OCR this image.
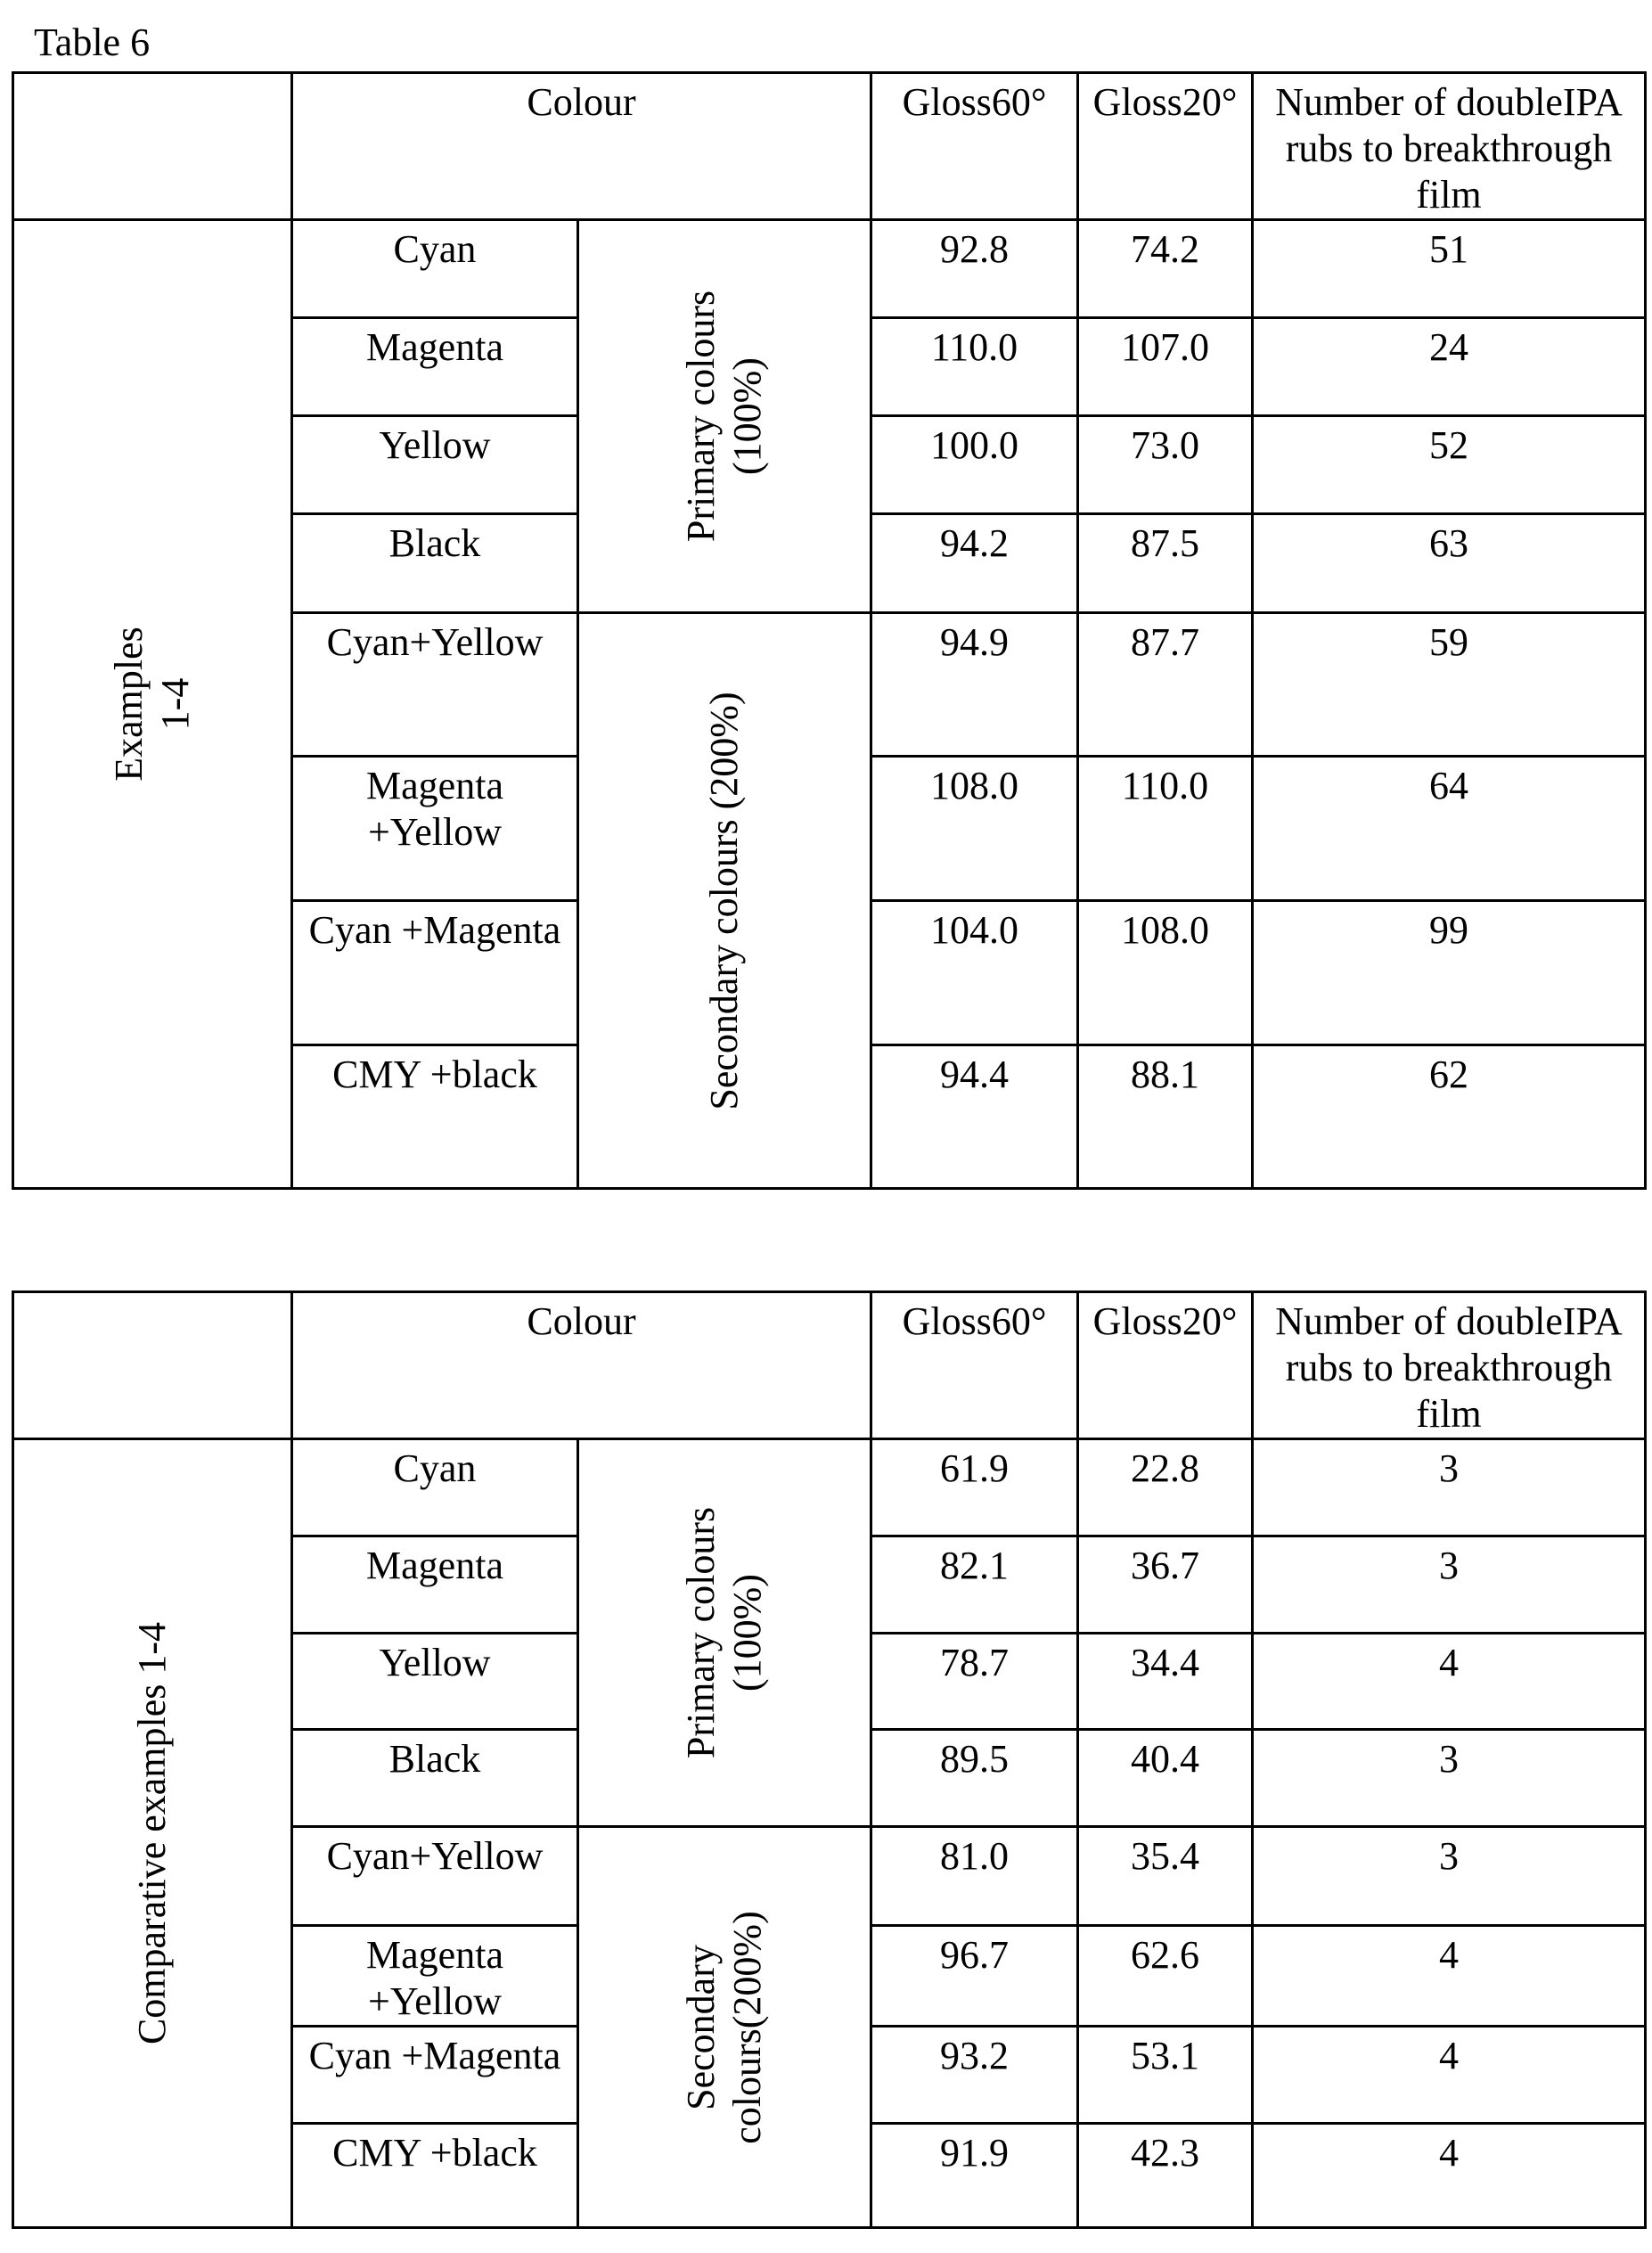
Table 6
	Colour	Gloss60°	Gloss20°	Number of doubleIPA rubs to breakthrough film

Examples 1-4
	Cyan	
Primary colours (100%)
	92.8	74.2	51
Magenta	110.0	107.0	24
Yellow	100.0	73.0	52
Black	94.2	87.5	63
Cyan+Yellow	
Secondary colours (200%)
	94.9	87.7	59
Magenta +Yellow	108.0	110.0	64
Cyan +Magenta	104.0	108.0	99
CMY +black	94.4	88.1	62
	Colour	Gloss60°	Gloss20°	Number of doubleIPA rubs to breakthrough film

Comparative examples 1-4
	Cyan	
Primary colours (100%)
	61.9	22.8	3
Magenta	82.1	36.7	3
Yellow	78.7	34.4	4
Black	89.5	40.4	3
Cyan+Yellow	
Secondary colours(200%)
	81.0	35.4	3
Magenta +Yellow	96.7	62.6	4
Cyan +Magenta	93.2	53.1	4
CMY +black	91.9	42.3	4
